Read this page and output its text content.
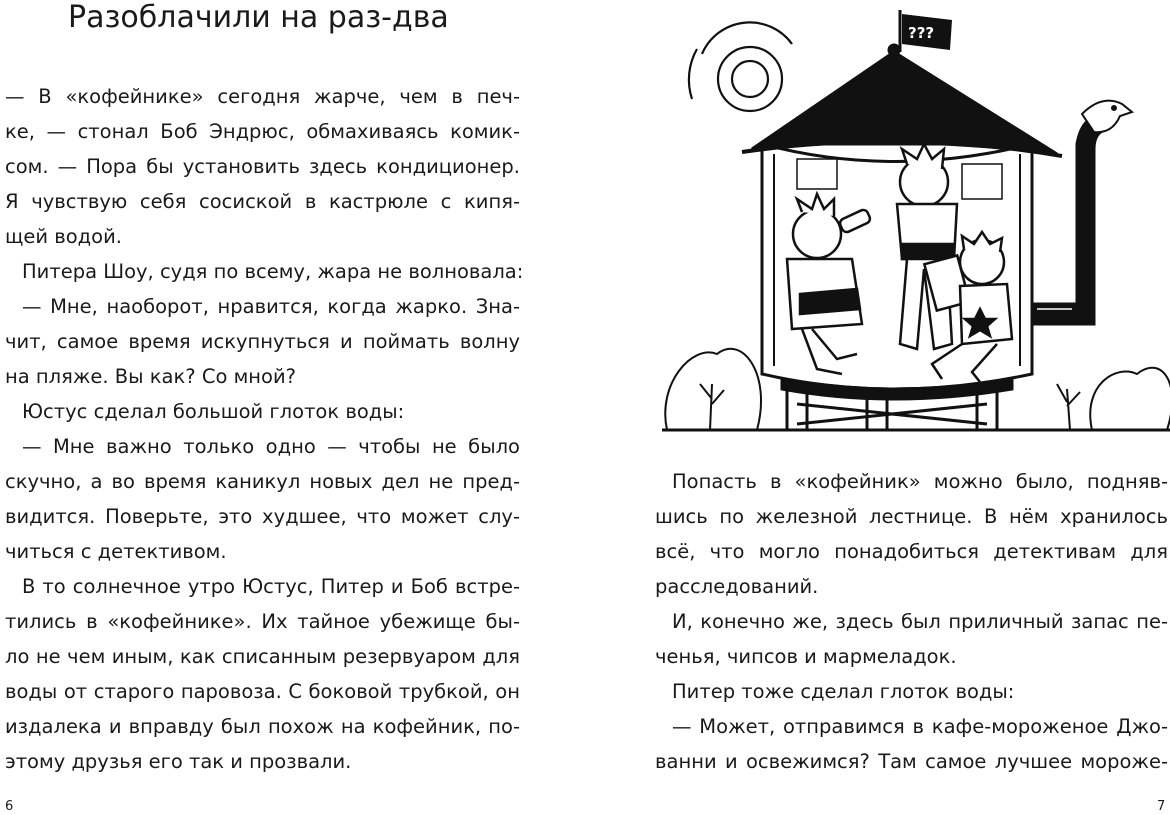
Разоблачили на раз-два
— В «кофейнике» сегодня жарче, чем в печ-
ке, — стонал Боб Эндрюс, обмахиваясь комик-
сом. — Пора бы установить здесь кондиционер.
Я чувствую себя сосиской в кастрюле с кипя-
щей водой.
Питера Шоу, судя по всему, жара не волновала:
— Мне, наоборот, нравится, когда жарко. Зна-
чит, самое время искупнуться и поймать волну
на пляже. Вы как? Со мной?
Юстус сделал большой глоток воды:
— Мне важно только одно — чтобы не было
скучно, а во время каникул новых дел не пред-
видится. Поверьте, это худшее, что может слу-
читься с детективом.
В то солнечное утро Юстус, Питер и Боб встре-
тились в «кофейнике». Их тайное убежище бы-
ло не чем иным, как списанным резервуаром для
воды от старого паровоза. С боковой трубкой, он
издалека и вправду был похож на кофейник, по-
этому друзья его так и прозвали.
6
???
Попасть в «кофейник» можно было, подняв-
шись по железной лестнице. В нём хранилось
всё, что могло понадобиться детективам для
расследований.
И, конечно же, здесь был приличный запас пе-
ченья, чипсов и мармеладок.
Питер тоже сделал глоток воды:
— Может, отправимся в кафе-мороженое Джо-
ванни и освежимся? Там самое лучшее мороже-
7
